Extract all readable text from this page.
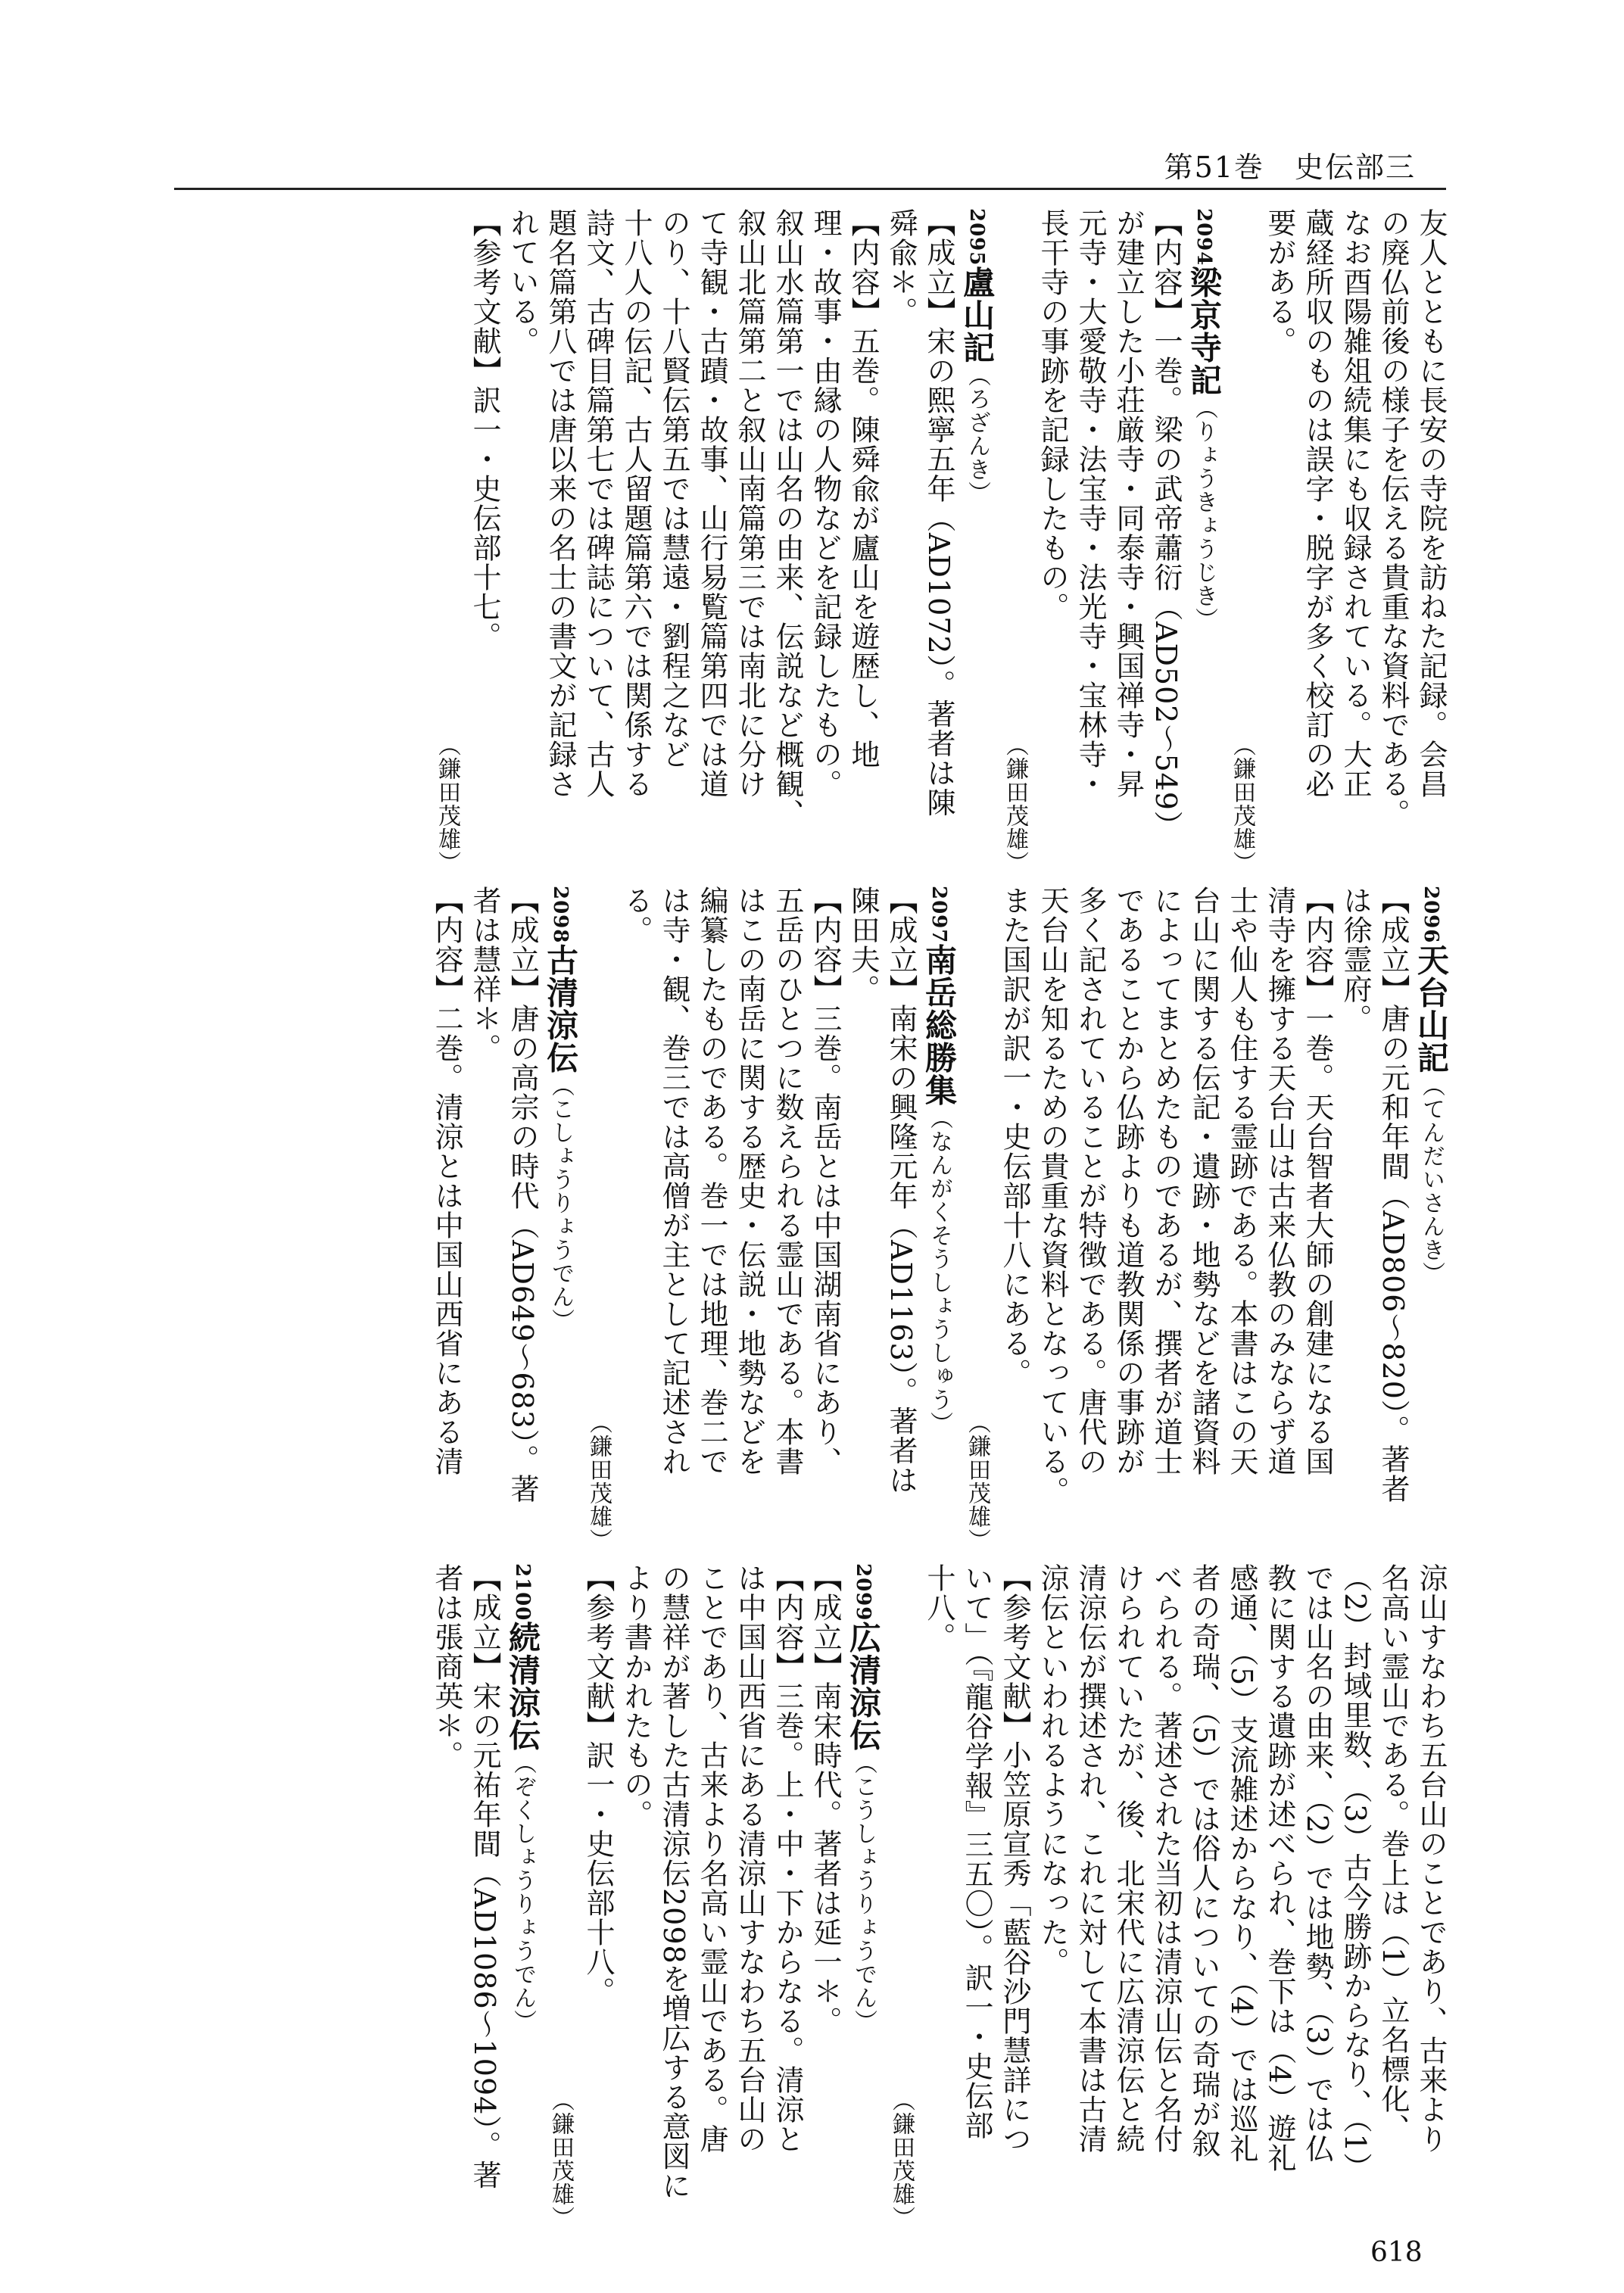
第51巻　史伝部三
友人とともに長安の寺院を訪ねた記録。会昌
の廃仏前後の様子を伝える貴重な資料である。
なお酉陽雑俎続集にも収録されている。大正
蔵経所収のものは誤字・脱字が多く校訂の必
要がある。
（鎌田茂雄）
2094梁京寺記（りょうきょうじき）
【内容】一巻。梁の武帝蕭衍（AD502〜549）
が建立した小荘厳寺・同泰寺・興国禅寺・昇
元寺・大愛敬寺・法宝寺・法光寺・宝林寺・
長干寺の事跡を記録したもの。
（鎌田茂雄）
2095盧山記（ろざんき）
【成立】宋の熙寧五年（AD1072）。著者は陳
舜兪＊。
【内容】五巻。陳舜兪が廬山を遊歴し、地
理・故事・由縁の人物などを記録したもの。
叙山水篇第一では山名の由来、伝説など概観、
叙山北篇第二と叙山南篇第三では南北に分け
て寺観・古蹟・故事、山行易覧篇第四では道
のり、十八賢伝第五では慧遠・劉程之など
十八人の伝記、古人留題篇第六では関係する
詩文、古碑目篇第七では碑誌について、古人
題名篇第八では唐以来の名士の書文が記録さ
れている。
【参考文献】訳一・史伝部十七。
（鎌田茂雄）
2096天台山記（てんだいさんき）
【成立】唐の元和年間（AD806〜820）。著者
は徐霊府。
【内容】一巻。天台智者大師の創建になる国
清寺を擁する天台山は古来仏教のみならず道
士や仙人も住する霊跡である。本書はこの天
台山に関する伝記・遺跡・地勢などを諸資料
によってまとめたものであるが、撰者が道士
であることから仏跡よりも道教関係の事跡が
多く記されていることが特徴である。唐代の
天台山を知るための貴重な資料となっている。
また国訳が訳一・史伝部十八にある。
（鎌田茂雄）
2097南岳総勝集（なんがくそうしょうしゅう）
【成立】南宋の興隆元年（AD1163）。著者は
陳田夫。
【内容】三巻。南岳とは中国湖南省にあり、
五岳のひとつに数えられる霊山である。本書
はこの南岳に関する歴史・伝説・地勢などを
編纂したものである。巻一では地理、巻二で
は寺・観、巻三では高僧が主として記述され
る。
（鎌田茂雄）
2098古清涼伝（こしょうりょうでん）
【成立】唐の高宗の時代（AD649〜683）。著
者は慧祥＊。
【内容】二巻。清涼とは中国山西省にある清
涼山すなわち五台山のことであり、古来より
名高い霊山である。巻上は（1）立名標化、
（2）封域里数、（3）古今勝跡からなり、（1）
では山名の由来、（2）では地勢、（3）では仏
教に関する遺跡が述べられ、巻下は（4）遊礼
感通、（5）支流雑述からなり、（4）では巡礼
者の奇瑞、（5）では俗人についての奇瑞が叙
べられる。著述された当初は清涼山伝と名付
けられていたが、後、北宋代に広清涼伝と続
清涼伝が撰述され、これに対して本書は古清
涼伝といわれるようになった。
【参考文献】小笠原宣秀「藍谷沙門慧詳につ
いて」（『龍谷学報』三五〇）。訳一・史伝部
十八。
（鎌田茂雄）
2099広清涼伝（こうしょうりょうでん）
【成立】南宋時代。著者は延一＊。
【内容】三巻。上・中・下からなる。清涼と
は中国山西省にある清涼山すなわち五台山の
ことであり、古来より名高い霊山である。唐
の慧祥が著した古清涼伝2098を増広する意図に
より書かれたもの。
【参考文献】訳一・史伝部十八。
（鎌田茂雄）
2100続清涼伝（ぞくしょうりょうでん）
【成立】宋の元祐年間（AD1086〜1094）。著
者は張商英＊。
618
